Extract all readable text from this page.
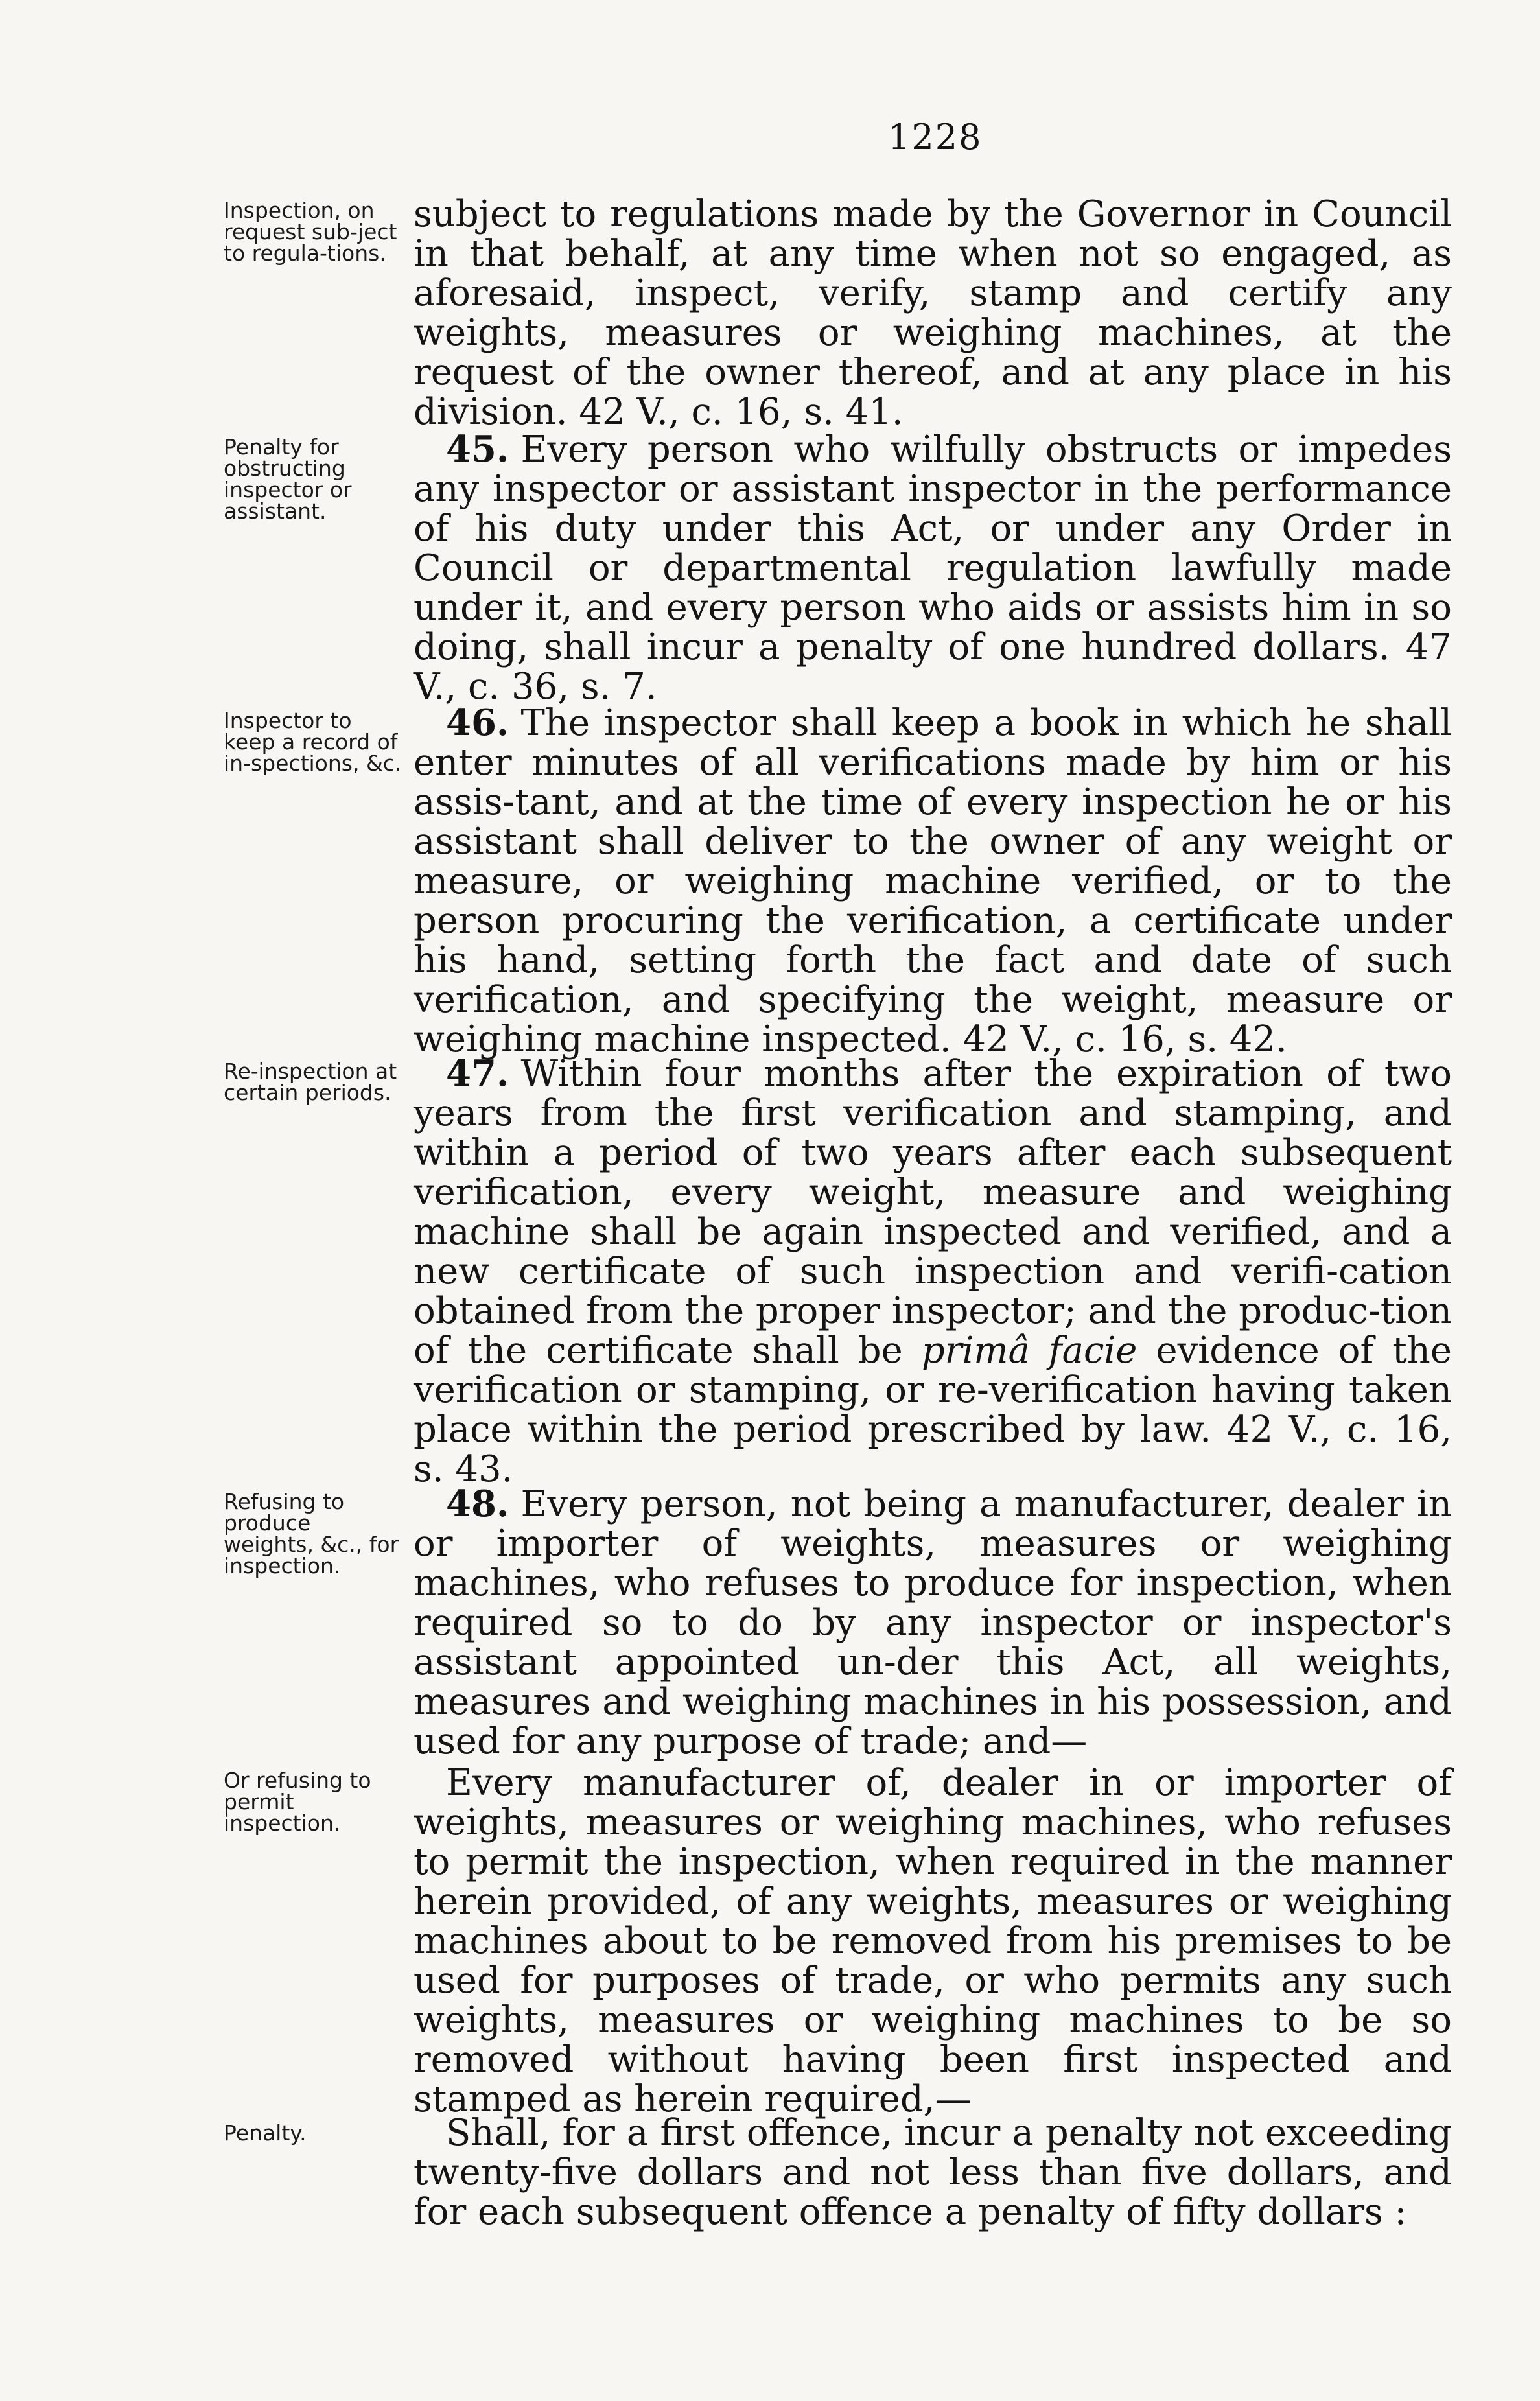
1228
Inspection, on request sub-ject to regula-tions.
subject to regulations made by the Governor in Council in that behalf, at any time when not so engaged, as aforesaid, inspect, verify, stamp and certify any weights, measures or weighing machines, at the request of the owner thereof, and at any place in his division. 42 V., c. 16, s. 41.
Penalty for obstructing inspector or assistant.
45. Every person who wilfully obstructs or impedes any inspector or assistant inspector in the performance of his duty under this Act, or under any Order in Council or departmental regulation lawfully made under it, and every person who aids or assists him in so doing, shall incur a penalty of one hundred dollars. 47 V., c. 36, s. 7.
Inspector to keep a record of in-spections, &c.
46. The inspector shall keep a book in which he shall enter minutes of all verifications made by him or his assis-tant, and at the time of every inspection he or his assistant shall deliver to the owner of any weight or measure, or weighing machine verified, or to the person procuring the verification, a certificate under his hand, setting forth the fact and date of such verification, and specifying the weight, measure or weighing machine inspected. 42 V., c. 16, s. 42.
Re-inspection at certain periods.	47. Within four months after the expiration of two years from the first verification and stamping, and within a period of two years after each subsequent verification, every weight, measure and weighing machine shall be again inspected and verified, and a new certificate of such inspection and verifi-cation obtained from the proper inspector; and the produc-tion of the certificate shall be primâ facie evidence of the verification or stamping, or re-verification having taken place within the period prescribed by law. 42 V., c. 16, s. 43.
Refusing to produce weights, &c., for inspection.
48. Every person, not being a manufacturer, dealer in or importer of weights, measures or weighing machines, who refuses to produce for inspection, when required so to do by any inspector or inspector's assistant appointed un-der this Act, all weights, measures and weighing machines in his possession, and used for any purpose of trade; and—
Or refusing to permit inspection.
Every manufacturer of, dealer in or importer of weights, measures or weighing machines, who refuses to permit the inspection, when required in the manner herein provided, of any weights, measures or weighing machines about to be removed from his premises to be used for purposes of trade, or who permits any such weights, measures or weighing machines to be so removed without having been first inspected and stamped as herein required,—
Penalty.	Shall, for a first offence, incur a penalty not exceeding twenty-five dollars and not less than five dollars, and for each subsequent offence a penalty of fifty dollars :
